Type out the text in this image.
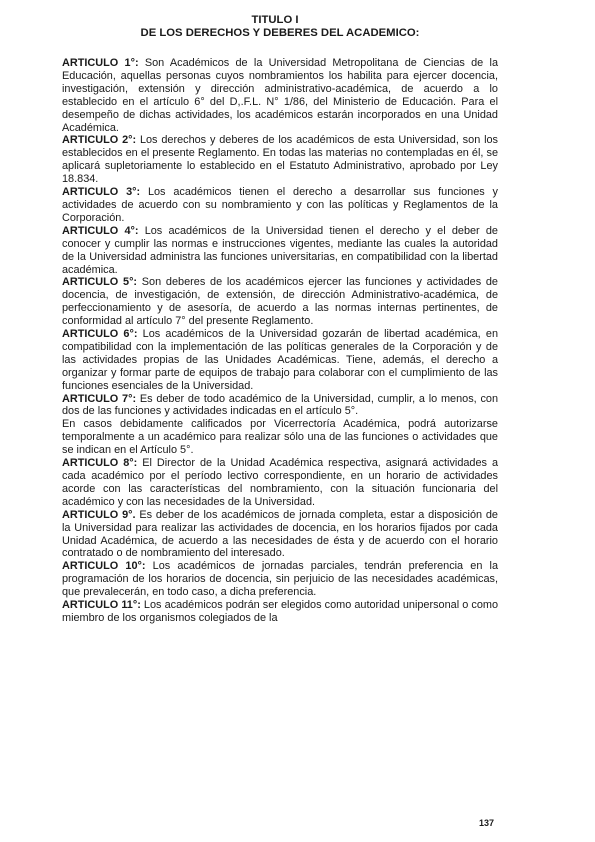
TITULO I

DE LOS DERECHOS Y DEBERES DEL ACADEMICO:

ARTICULO 1°: Son Académicos de la Universidad Metropolitana de Ciencias de la Educación, aquellas personas cuyos nombramientos los habilita para ejercer docencia, investigación, extensión y dirección administrativo-académica, de acuerdo a lo establecido en el artículo 6° del D,.F.L. N° 1/86, del Ministerio de Educación. Para el desempeño de dichas actividades, los académicos estarán incorporados en una Unidad Académica.

ARTICULO 2°: Los derechos y deberes de los académicos de esta Universidad, son los establecidos en el presente Reglamento. En todas las materias no contempladas en él, se aplicará supletoriamente lo establecido en el Estatuto Administrativo, aprobado por Ley 18.834.

ARTICULO 3°: Los académicos tienen el derecho a desarrollar sus funciones y actividades de acuerdo con su nombramiento y con las políticas y Reglamentos de la Corporación.

ARTICULO 4°: Los académicos de la Universidad tienen el derecho y el deber de conocer y cumplir las normas e instrucciones vigentes, mediante las cuales la autoridad de la Universidad administra las funciones universitarias, en compatibilidad con la libertad académica.

ARTICULO 5°: Son deberes de los académicos ejercer las funciones y actividades de docencia, de investigación, de extensión, de dirección Administrativo-académica, de perfeccionamiento y de asesoría, de acuerdo a las normas internas pertinentes, de conformidad al artículo 7° del presente Reglamento.

ARTICULO 6°: Los académicos de la Universidad gozarán de libertad académica, en compatibilidad con la implementación de las políticas generales de la Corporación y de las actividades propias de las Unidades Académicas. Tiene, además, el derecho a organizar y formar parte de equipos de trabajo para colaborar con el cumplimiento de las funciones esenciales de la Universidad.

ARTICULO 7°: Es deber de todo académico de la Universidad, cumplir, a lo menos, con dos de las funciones y actividades indicadas en el artículo 5°.

En casos debidamente calificados por Vicerrectoría Académica, podrá autorizarse temporalmente a un académico para realizar sólo una de las funciones o actividades que se indican en el Artículo 5°.

ARTICULO 8°: El Director de la Unidad Académica respectiva, asignará actividades a cada académico por el período lectivo correspondiente, en un horario de actividades acorde con las características del nombramiento, con la situación funcionaria del académico y con las necesidades de la Universidad.

ARTICULO 9°. Es deber de los académicos de jornada completa, estar a disposición de la Universidad para realizar las actividades de docencia, en los horarios fijados por cada Unidad Académica, de acuerdo a las necesidades de ésta y de acuerdo con el horario contratado o de nombramiento del interesado.

ARTICULO 10°: Los académicos de jornadas parciales, tendrán preferencia en la programación de los horarios de docencia, sin perjuicio de las necesidades académicas, que prevalecerán, en todo caso, a dicha preferencia.

ARTICULO 11°: Los académicos podrán ser elegidos como autoridad unipersonal o como miembro de los organismos colegiados de la

137
